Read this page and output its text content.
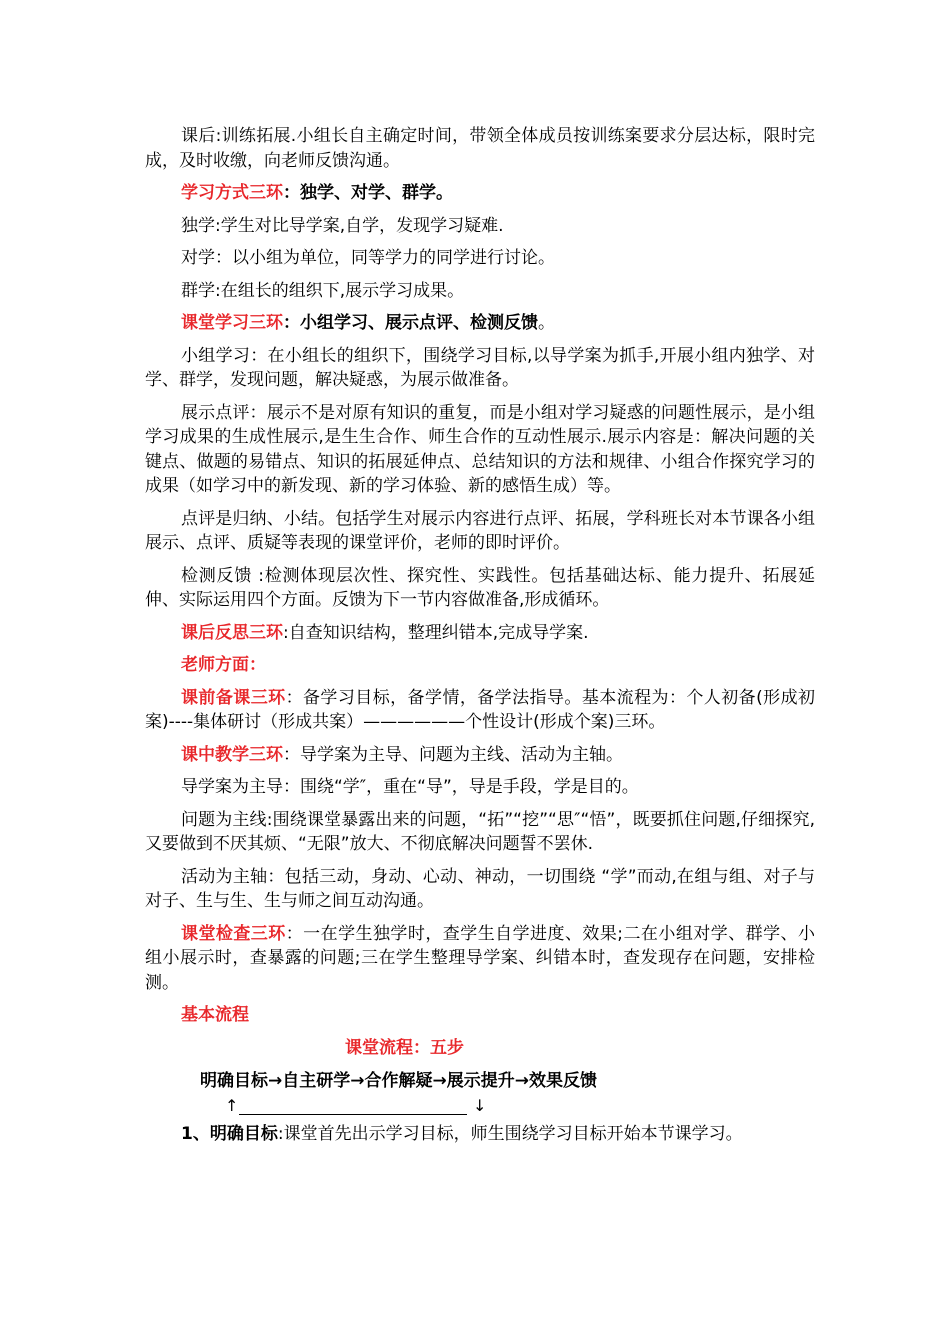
课后:训练拓展.小组长自主确定时间，带领全体成员按训练案要求分层达标，限时完成，及时收缴，向老师反馈沟通。

学习方式三环：独学、对学、群学。

独学:学生对比导学案,自学，发现学习疑难.

对学：以小组为单位，同等学力的同学进行讨论。

群学:在组长的组织下,展示学习成果。

课堂学习三环：小组学习、展示点评、检测反馈。

小组学习：在小组长的组织下，围绕学习目标,以导学案为抓手,开展小组内独学、对学、群学，发现问题，解决疑惑，为展示做准备。

展示点评：展示不是对原有知识的重复，而是小组对学习疑惑的问题性展示，是小组学习成果的生成性展示,是生生合作、师生合作的互动性展示.展示内容是：解决问题的关键点、做题的易错点、知识的拓展延伸点、总结知识的方法和规律、小组合作探究学习的成果（如学习中的新发现、新的学习体验、新的感悟生成）等。

点评是归纳、小结。包括学生对展示内容进行点评、拓展，学科班长对本节课各小组展示、点评、质疑等表现的课堂评价，老师的即时评价。

检测反馈 :检测体现层次性、探究性、实践性。包括基础达标、能力提升、拓展延伸、实际运用四个方面。反馈为下一节内容做准备,形成循环。

课后反思三环:自查知识结构，整理纠错本,完成导学案.

老师方面：

课前备课三环：备学习目标，备学情，备学法指导。基本流程为：个人初备(形成初案)----集体研讨（形成共案）——————个性设计(形成个案)三环。

课中教学三环：导学案为主导、问题为主线、活动为主轴。

导学案为主导：围绕“学″，重在“导”，导是手段，学是目的。

问题为主线:围绕课堂暴露出来的问题，“拓”“挖”“思″“悟”，既要抓住问题,仔细探究,又要做到不厌其烦、“无限”放大、不彻底解决问题誓不罢休.

活动为主轴：包括三动，身动、心动、神动，一切围绕 “学”而动,在组与组、对子与对子、生与生、生与师之间互动沟通。

课堂检查三环：一在学生独学时，查学生自学进度、效果;二在小组对学、群学、小组小展示时，查暴露的问题;三在学生整理导学案、纠错本时，查发现存在问题，安排检测。

基本流程

课堂流程：五步

明确目标→自主研学→合作解疑→展示提升→效果反馈

↑	↓

1、明确目标:课堂首先出示学习目标，师生围绕学习目标开始本节课学习。
